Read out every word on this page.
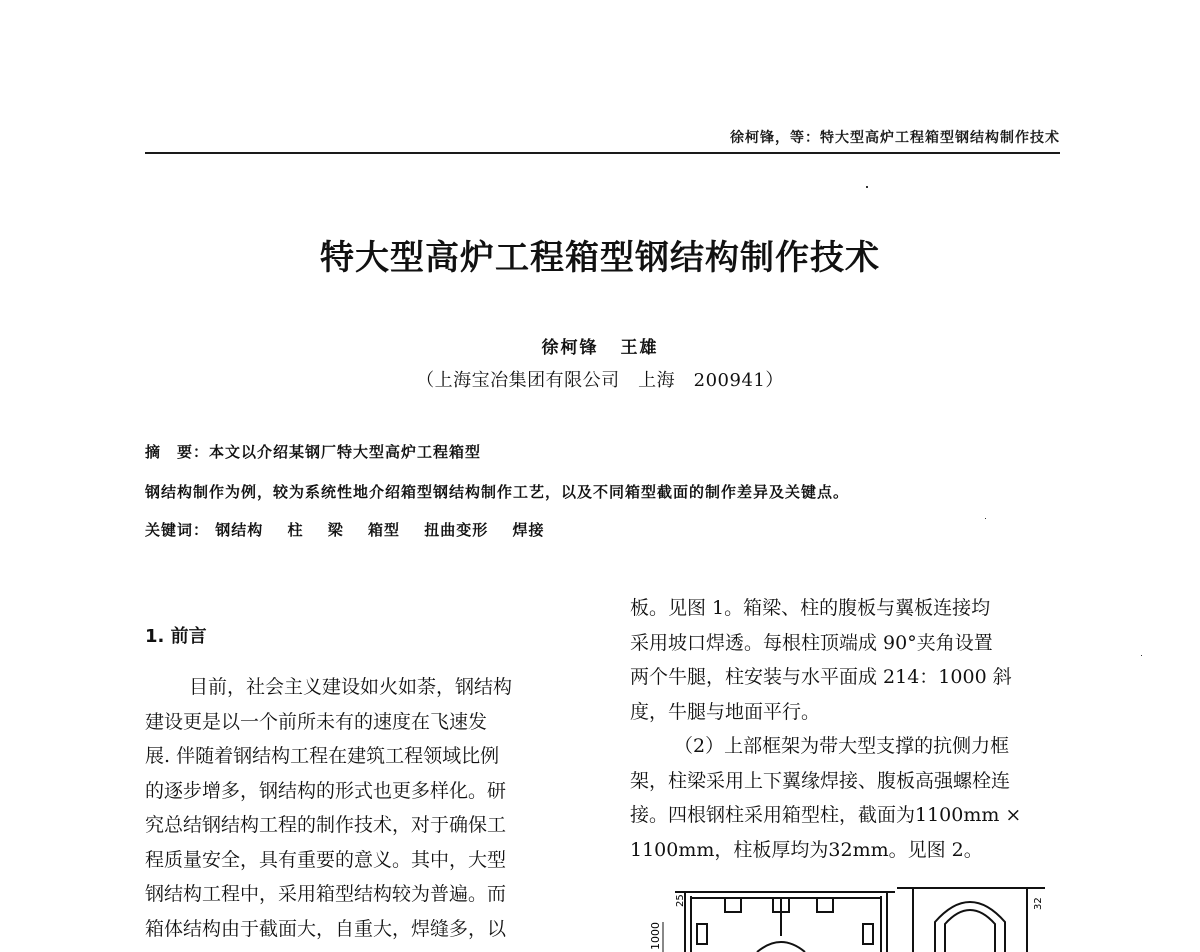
徐柯锋，等：特大型高炉工程箱型钢结构制作技术
特大型高炉工程箱型钢结构制作技术
徐柯锋 王雄
（上海宝冶集团有限公司　上海　200941）
摘　要：本文以介绍某钢厂特大型高炉工程箱型
钢结构制作为例，较为系统性地介绍箱型钢结构制作工艺，以及不同箱型截面的制作差异及关键点。
关键词： 钢结构 柱 梁 箱型 扭曲变形 焊接
1. 前言
目前，社会主义建设如火如荼，钢结构
建设更是以一个前所未有的速度在飞速发
展. 伴随着钢结构工程在建筑工程领域比例
的逐步增多，钢结构的形式也更多样化。研
究总结钢结构工程的制作技术，对于确保工
程质量安全，具有重要的意义。其中，大型
钢结构工程中，采用箱型结构较为普遍。而
箱体结构由于截面大，自重大，焊缝多，以
板。见图 1。箱梁、柱的腹板与翼板连接均
采用坡口焊透。每根柱顶端成 90°夹角设置
两个牛腿，柱安装与水平面成 214：1000 斜
度，牛腿与地面平行。
（2）上部框架为带大型支撑的抗侧力框
架，柱梁采用上下翼缘焊接、腹板高强螺栓连
接。四根钢柱采用箱型柱，截面为1100mm ×
1100mm，柱板厚均为32mm。见图 2。
1000
25	32
